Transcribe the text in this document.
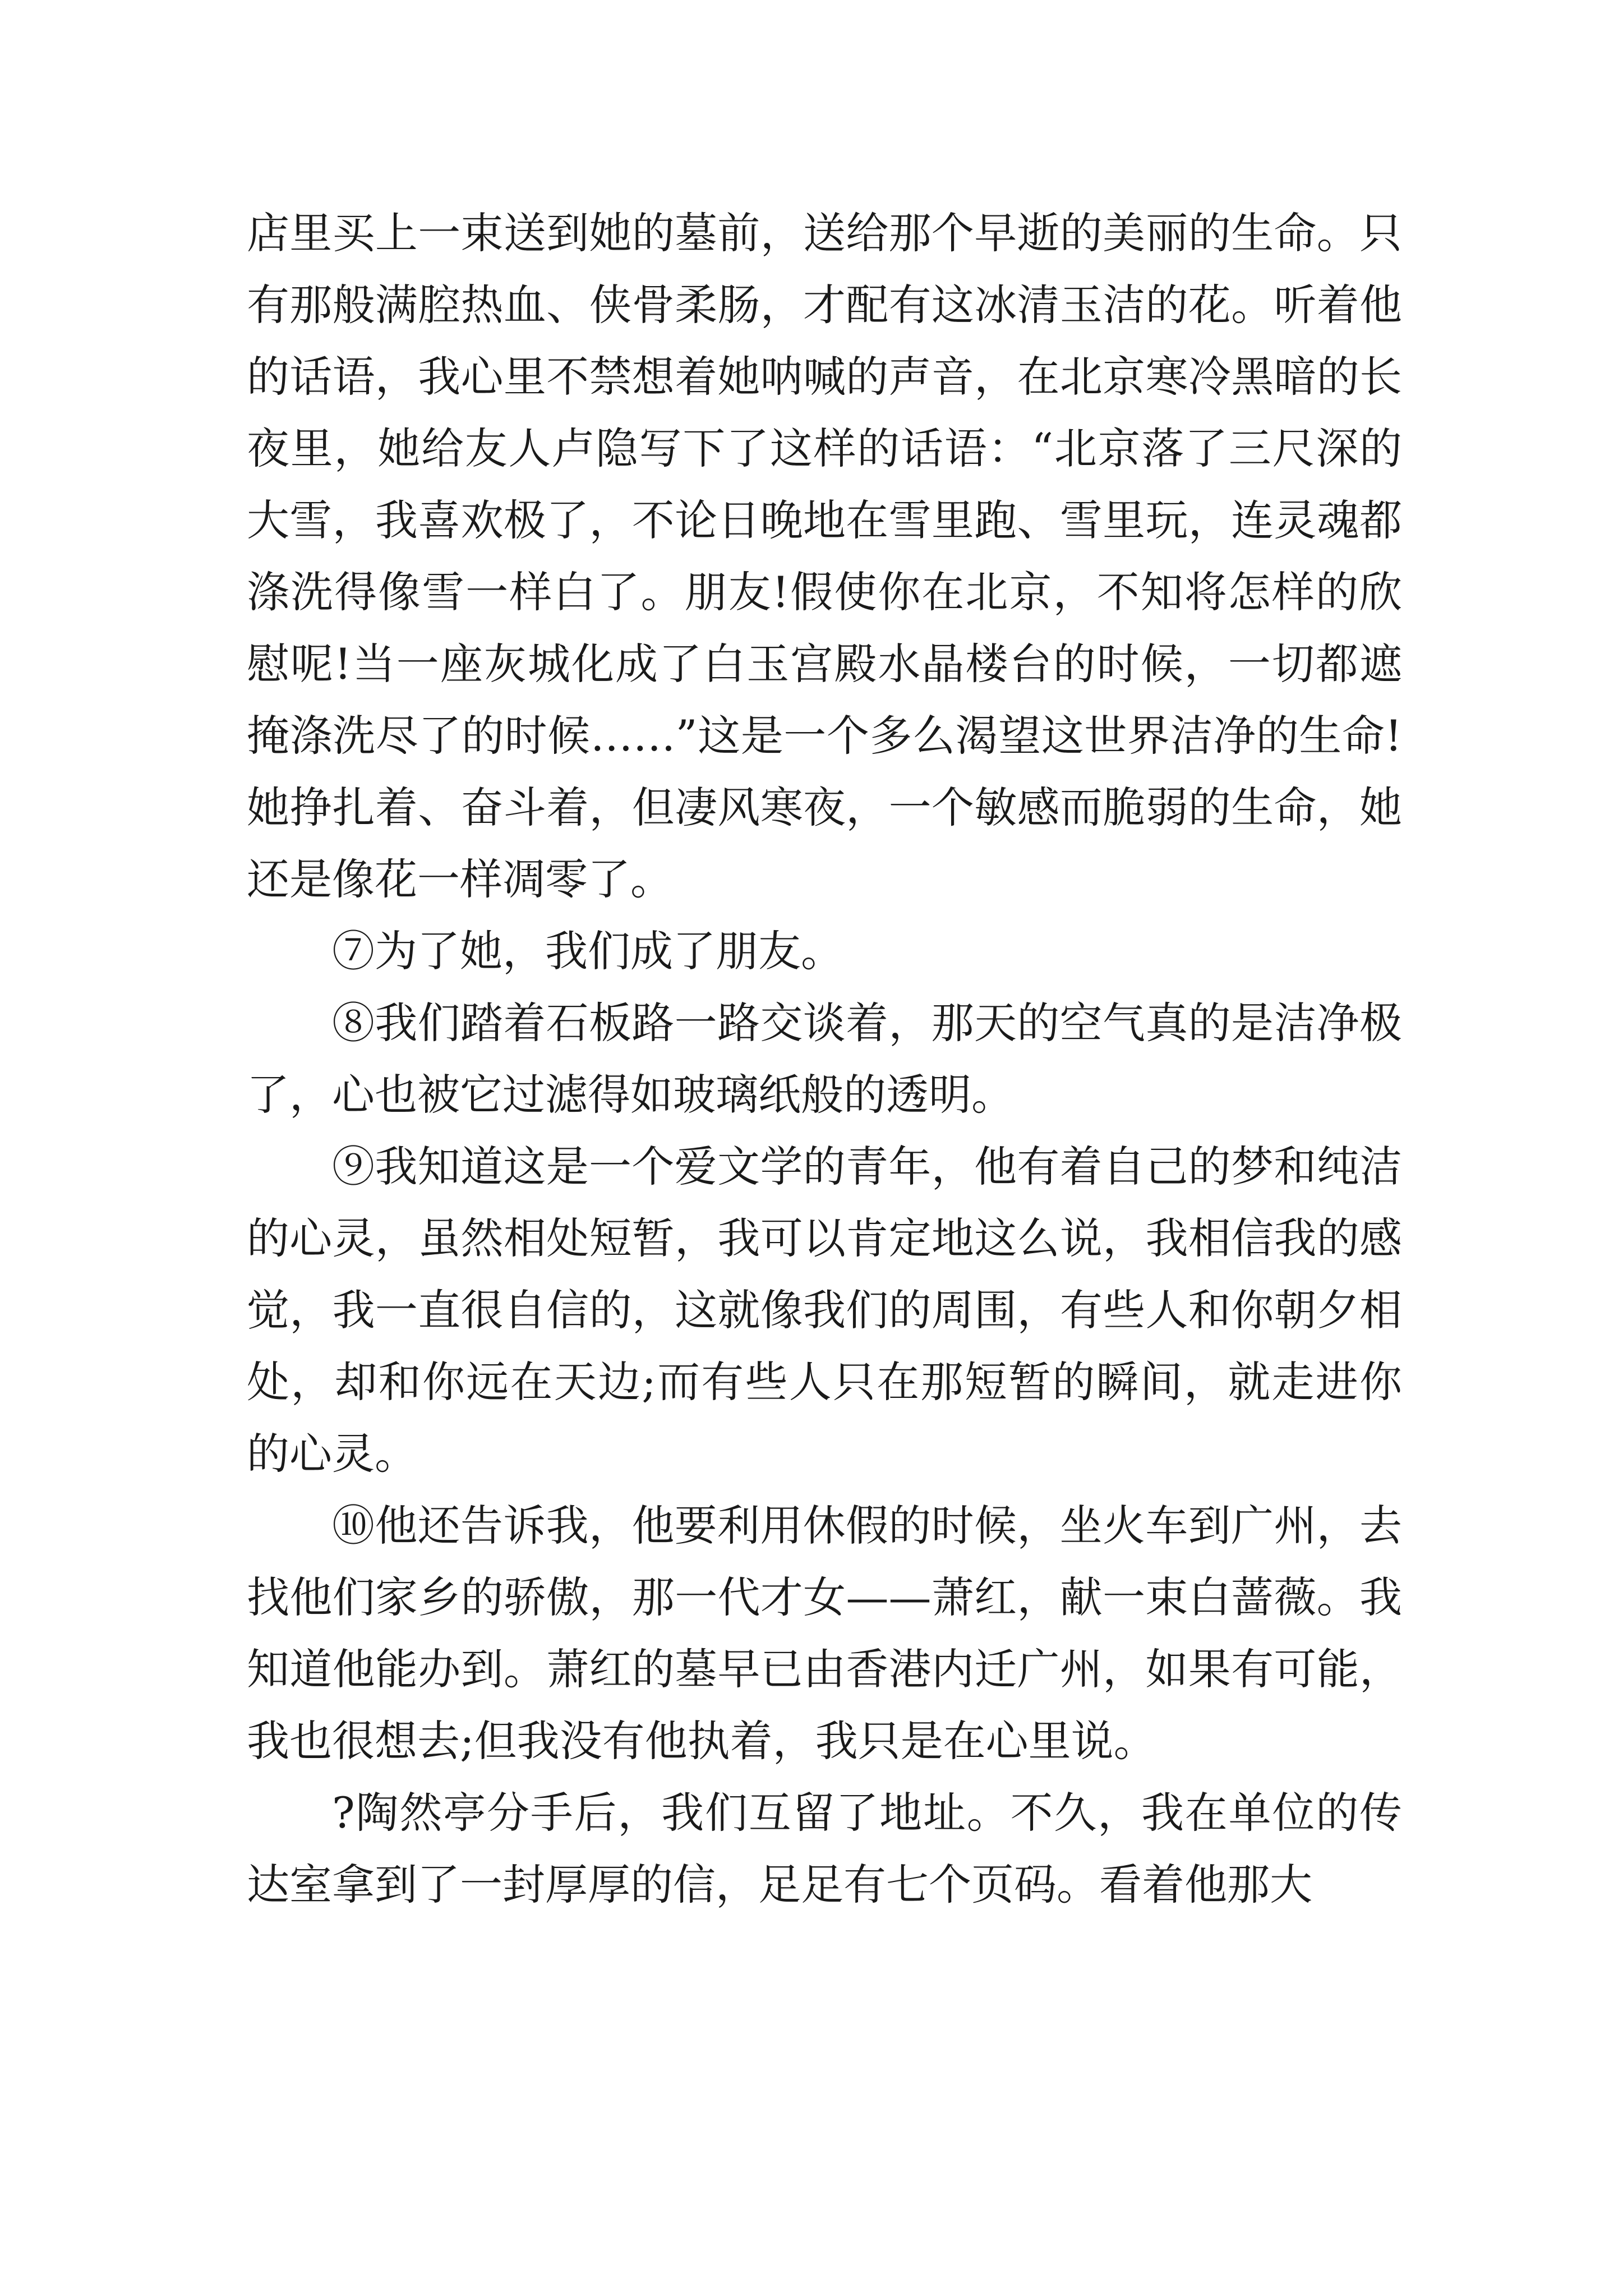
店里买上一束送到她的墓前，送给那个早逝的美丽的生命。只有那般满腔热血、侠骨柔肠，才配有这冰清玉洁的花。听着他的话语，我心里不禁想着她呐喊的声音，在北京寒冷黑暗的长夜里，她给友人卢隐写下了这样的话语：“北京落了三尺深的大雪，我喜欢极了，不论日晚地在雪里跑、雪里玩，连灵魂都涤洗得像雪一样白了。朋友!假使你在北京，不知将怎样的欣慰呢!当一座灰城化成了白玉宫殿水晶楼台的时候，一切都遮掩涤洗尽了的时候……”这是一个多么渴望这世界洁净的生命!她挣扎着、奋斗着，但凄风寒夜，一个敏感而脆弱的生命，她还是像花一样凋零了。

⑦为了她，我们成了朋友。

⑧我们踏着石板路一路交谈着，那天的空气真的是洁净极了，心也被它过滤得如玻璃纸般的透明。

⑨我知道这是一个爱文学的青年，他有着自己的梦和纯洁的心灵，虽然相处短暂，我可以肯定地这么说，我相信我的感觉，我一直很自信的，这就像我们的周围，有些人和你朝夕相处，却和你远在天边;而有些人只在那短暂的瞬间，就走进你的心灵。

⑩他还告诉我，他要利用休假的时候，坐火车到广州，去找他们家乡的骄傲，那一代才女——萧红，献一束白蔷薇。我知道他能办到。萧红的墓早已由香港内迁广州，如果有可能，我也很想去;但我没有他执着，我只是在心里说。

?陶然亭分手后，我们互留了地址。不久，我在单位的传达室拿到了一封厚厚的信，足足有七个页码。看着他那大
